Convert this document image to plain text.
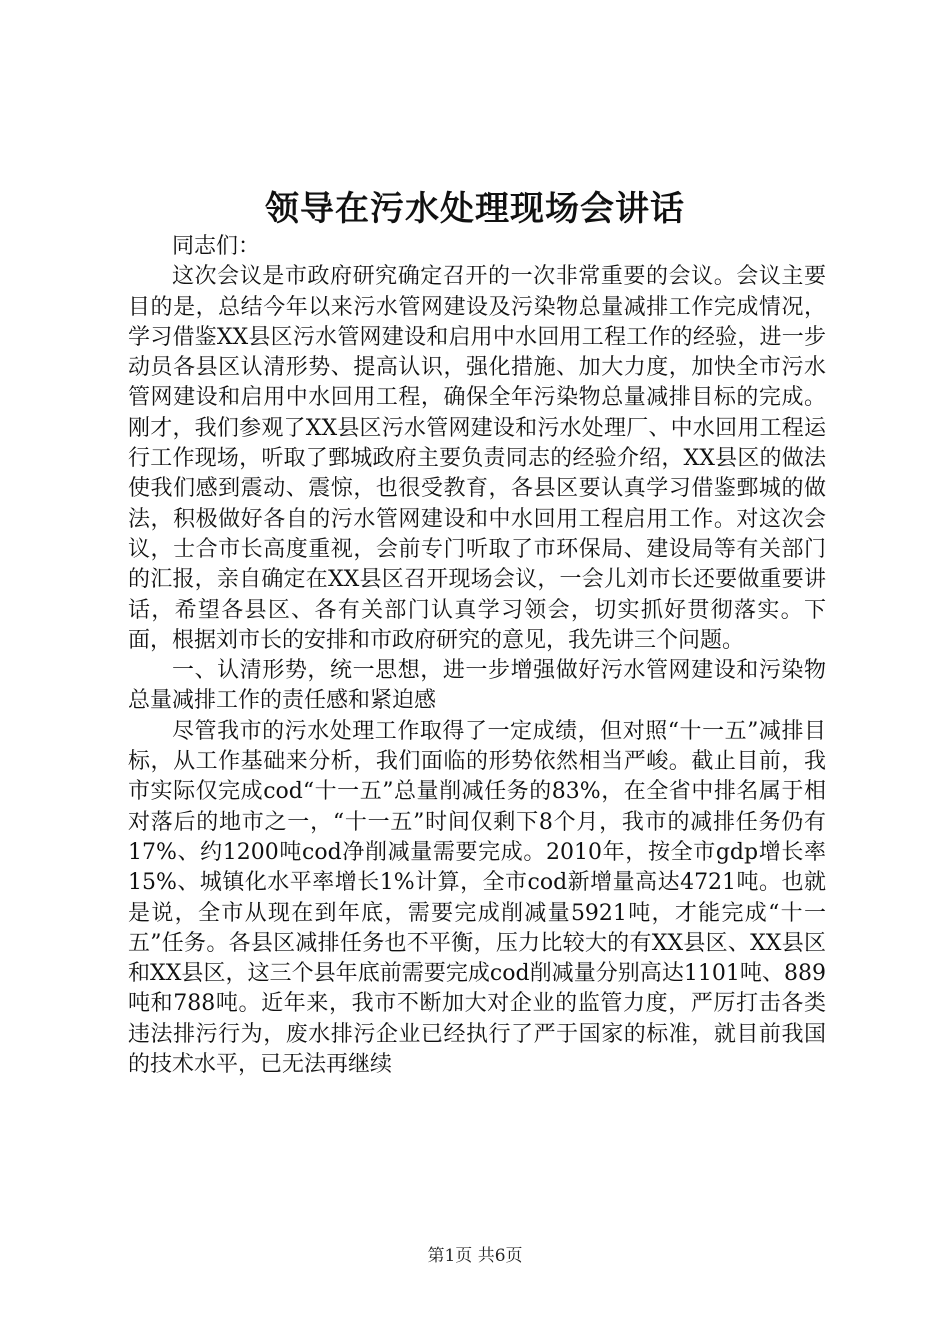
领导在污水处理现场会讲话

同志们：

这次会议是市政府研究确定召开的一次非常重要的会议。会议主要目的是，总结今年以来污水管网建设及污染物总量减排工作完成情况，学习借鉴XX县区污水管网建设和启用中水回用工程工作的经验，进一步动员各县区认清形势、提高认识，强化措施、加大力度，加快全市污水管网建设和启用中水回用工程，确保全年污染物总量减排目标的完成。刚才，我们参观了XX县区污水管网建设和污水处理厂、中水回用工程运行工作现场，听取了鄄城政府主要负责同志的经验介绍，XX县区的做法使我们感到震动、震惊，也很受教育，各县区要认真学习借鉴鄄城的做法，积极做好各自的污水管网建设和中水回用工程启用工作。对这次会议，士合市长高度重视，会前专门听取了市环保局、建设局等有关部门的汇报，亲自确定在XX县区召开现场会议，一会儿刘市长还要做重要讲话，希望各县区、各有关部门认真学习领会，切实抓好贯彻落实。下面，根据刘市长的安排和市政府研究的意见，我先讲三个问题。

一、认清形势，统一思想，进一步增强做好污水管网建设和污染物总量减排工作的责任感和紧迫感

尽管我市的污水处理工作取得了一定成绩，但对照“十一五”减排目标，从工作基础来分析，我们面临的形势依然相当严峻。截止目前，我市实际仅完成cod“十一五”总量削减任务的83%，在全省中排名属于相对落后的地市之一，“十一五”时间仅剩下8个月，我市的减排任务仍有17%、约1200吨cod净削减量需要完成。2010年，按全市gdp增长率15%、城镇化水平率增长1%计算，全市cod新增量高达4721吨。也就是说，全市从现在到年底，需要完成削减量5921吨，才能完成“十一五”任务。各县区减排任务也不平衡，压力比较大的有XX县区、XX县区和XX县区，这三个县年底前需要完成cod削减量分别高达1101吨、889吨和788吨。近年来，我市不断加大对企业的监管力度，严厉打击各类违法排污行为，废水排污企业已经执行了严于国家的标准，就目前我国的技术水平，已无法再继续

第1页 共6页
